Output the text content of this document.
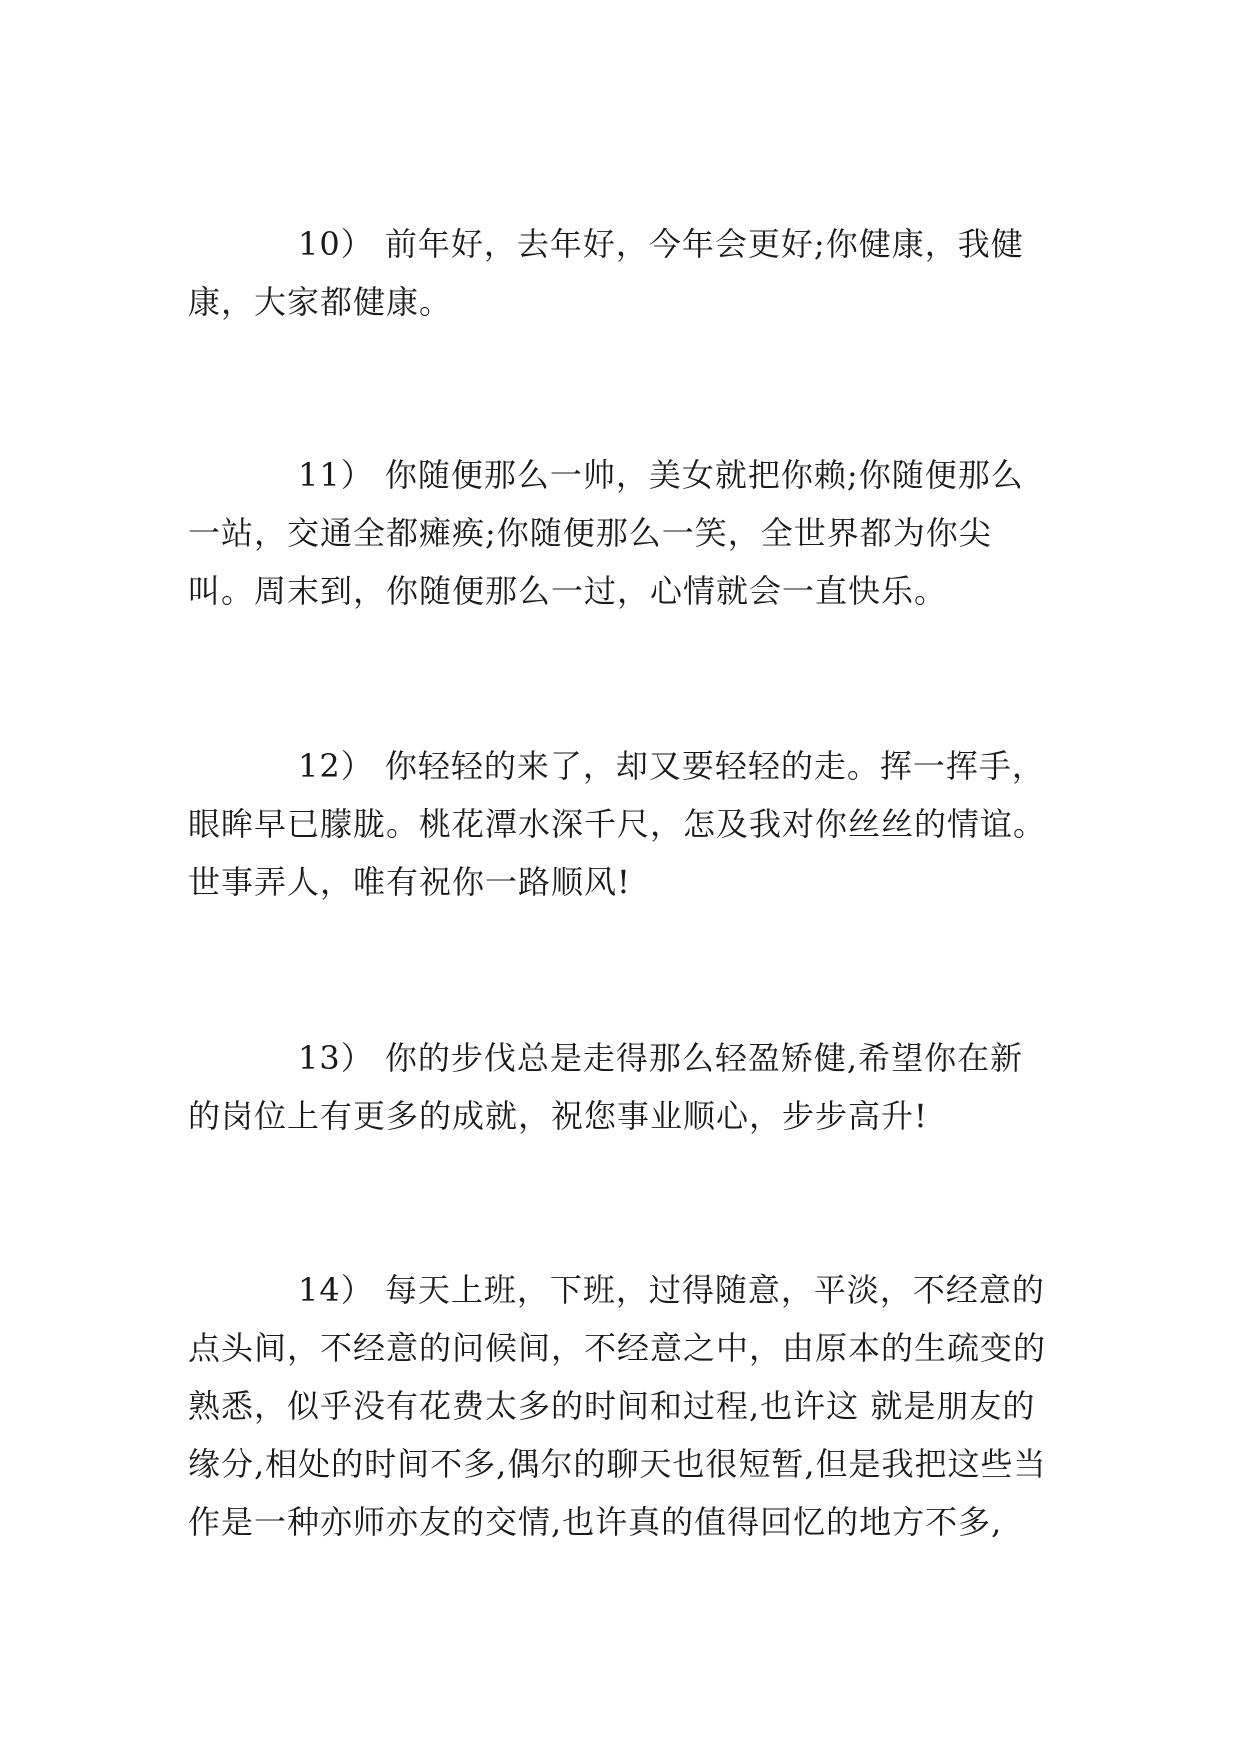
10） 前年好，去年好，今年会更好;你健康，我健康，大家都健康。

11） 你随便那么一帅，美女就把你赖;你随便那么一站，交通全都瘫痪;你随便那么一笑，全世界都为你尖叫。周末到，你随便那么一过，心情就会一直快乐。

12） 你轻轻的来了，却又要轻轻的走。挥一挥手，眼眸早已朦胧。桃花潭水深千尺，怎及我对你丝丝的情谊。世事弄人，唯有祝你一路顺风!

13） 你的步伐总是走得那么轻盈矫健,希望你在新的岗位上有更多的成就，祝您事业顺心，步步高升!

14） 每天上班，下班，过得随意，平淡，不经意的点头间，不经意的问候间，不经意之中，由原本的生疏变的熟悉，似乎没有花费太多的时间和过程,也许这 就是朋友的缘分,相处的时间不多,偶尔的聊天也很短暂,但是我把这些当作是一种亦师亦友的交情,也许真的值得回忆的地方不多,
